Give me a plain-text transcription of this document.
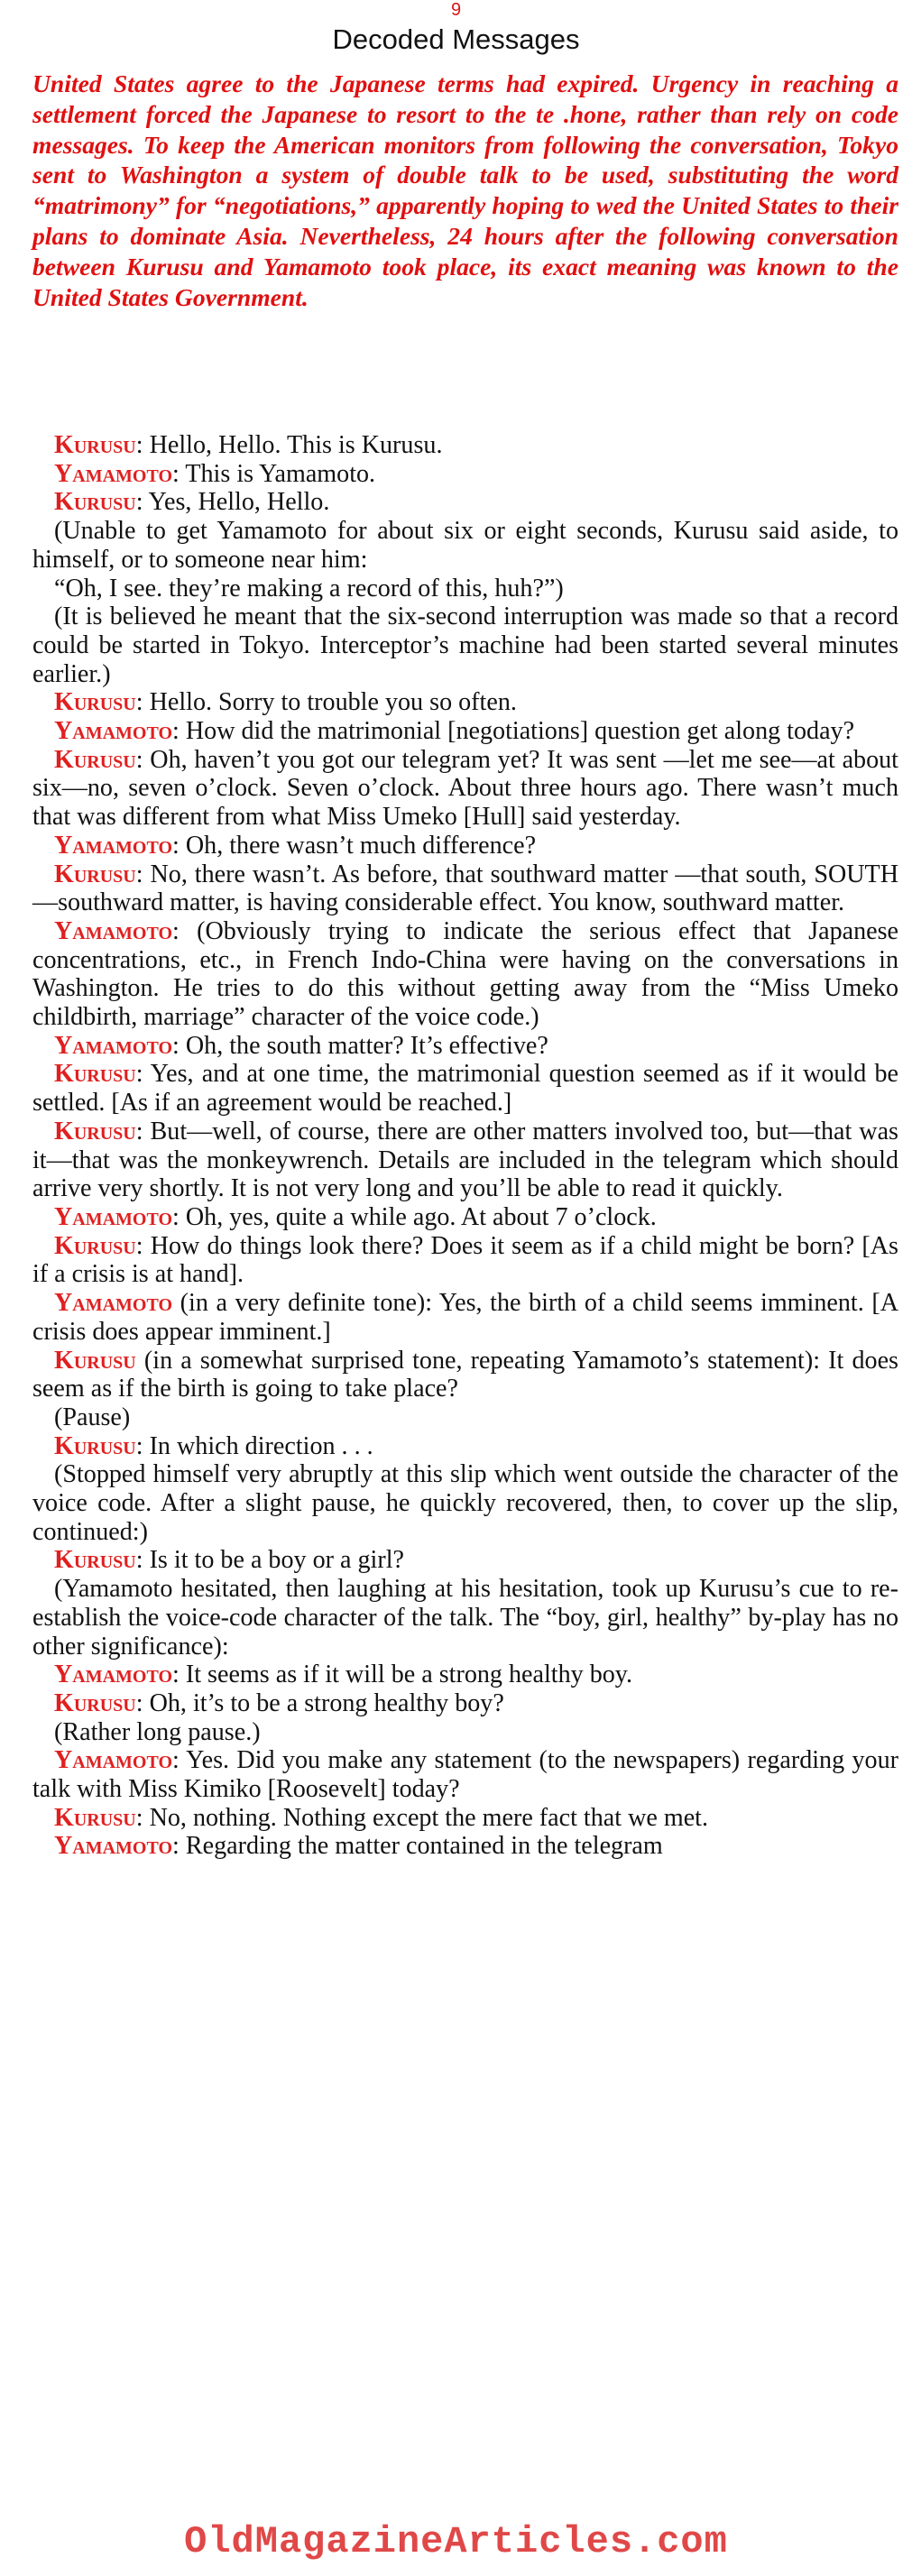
9
Decoded Messages

United States agree to the Japanese terms had expired. Urgency in reaching a settlement forced the Japanese to resort to the te .hone, rather than rely on code messages. To keep the American monitors from following the conversation, Tokyo sent to Washington a system of double talk to be used, substituting the word “matrimony” for “negotiations,” apparently hoping to wed the United States to their plans to dominate Asia. Nevertheless, 24 hours after the following conversation between Kurusu and Yamamoto took place, its exact meaning was known to the United States Government.

Kurusu: Hello, Hello. This is Kurusu.

Yamamoto: This is Yamamoto.

Kurusu: Yes, Hello, Hello.

(Unable to get Yamamoto for about six or eight seconds, Kurusu said aside, to himself, or to someone near him:

“Oh, I see. they’re making a record of this, huh?”)

(It is believed he meant that the six-second interruption was made so that a record could be started in Tokyo. Interceptor’s machine had been started several minutes earlier.)

Kurusu: Hello. Sorry to trouble you so often.

Yamamoto: How did the matrimonial [negotiations] question get along today?

Kurusu: Oh, haven’t you got our telegram yet? It was sent —let me see—at about six—no, seven o’clock. Seven o’clock. About three hours ago. There wasn’t much that was different from what Miss Umeko [Hull] said yesterday.

Yamamoto: Oh, there wasn’t much difference?

Kurusu: No, there wasn’t. As before, that southward matter —that south, SOUTH—southward matter, is having considerable effect. You know, southward matter.

Yamamoto: (Obviously trying to indicate the serious effect that Japanese concentrations, etc., in French Indo-China were having on the conversations in Washington. He tries to do this without getting away from the “Miss Umeko childbirth, marriage” character of the voice code.)

Yamamoto: Oh, the south matter? It’s effective?

Kurusu: Yes, and at one time, the matrimonial question seemed as if it would be settled. [As if an agreement would be reached.]

Kurusu: But—well, of course, there are other matters involved too, but—that was it—that was the monkeywrench. Details are included in the telegram which should arrive very shortly. It is not very long and you’ll be able to read it quickly.

Yamamoto: Oh, yes, quite a while ago. At about 7 o’clock.

Kurusu: How do things look there? Does it seem as if a child might be born? [As if a crisis is at hand].

Yamamoto (in a very definite tone): Yes, the birth of a child seems imminent. [A crisis does appear imminent.]

Kurusu (in a somewhat surprised tone, repeating Yamamoto’s statement): It does seem as if the birth is going to take place?

(Pause)

Kurusu: In which direction . . .

(Stopped himself very abruptly at this slip which went outside the character of the voice code. After a slight pause, he quickly recovered, then, to cover up the slip, continued:)

Kurusu: Is it to be a boy or a girl?

(Yamamoto hesitated, then laughing at his hesitation, took up Kurusu’s cue to re-establish the voice-code character of the talk. The “boy, girl, healthy” by-play has no other significance):

Yamamoto: It seems as if it will be a strong healthy boy.

Kurusu: Oh, it’s to be a strong healthy boy?

(Rather long pause.)

Yamamoto: Yes. Did you make any statement (to the newspapers) regarding your talk with Miss Kimiko [Roosevelt] today?

Kurusu: No, nothing. Nothing except the mere fact that we met.

Yamamoto: Regarding the matter contained in the telegram

OldMagazineArticles.com
